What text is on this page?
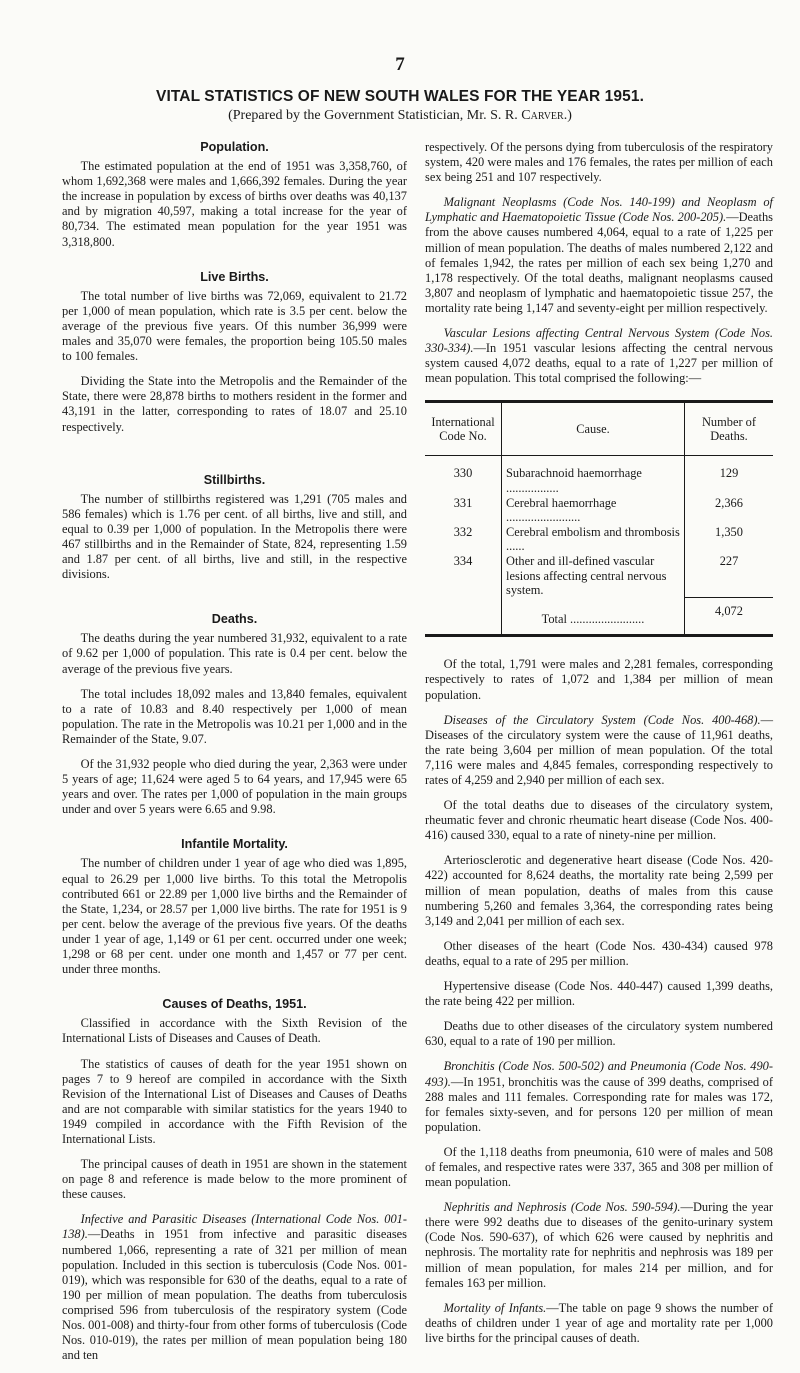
7
VITAL STATISTICS OF NEW SOUTH WALES FOR THE YEAR 1951.
(Prepared by the Government Statistician, Mr. S. R. Carver.)
Population.

The estimated population at the end of 1951 was 3,358,760, of whom 1,692,368 were males and 1,666,392 females. During the year the increase in population by excess of births over deaths was 40,137 and by migration 40,597, making a total increase for the year of 80,734. The estimated mean population for the year 1951 was 3,318,800.

Live Births.

The total number of live births was 72,069, equivalent to 21.72 per 1,000 of mean population, which rate is 3.5 per cent. below the average of the previous five years. Of this number 36,999 were males and 35,070 were females, the proportion being 105.50 males to 100 females.

Dividing the State into the Metropolis and the Remainder of the State, there were 28,878 births to mothers resident in the former and 43,191 in the latter, corresponding to rates of 18.07 and 25.10 respectively.

Stillbirths.

The number of stillbirths registered was 1,291 (705 males and 586 females) which is 1.76 per cent. of all births, live and still, and equal to 0.39 per 1,000 of population. In the Metropolis there were 467 stillbirths and in the Remainder of State, 824, representing 1.59 and 1.87 per cent. of all births, live and still, in the respective divisions.

Deaths.

The deaths during the year numbered 31,932, equivalent to a rate of 9.62 per 1,000 of population. This rate is 0.4 per cent. below the average of the previous five years.

The total includes 18,092 males and 13,840 females, equivalent to a rate of 10.83 and 8.40 respectively per 1,000 of mean population. The rate in the Metropolis was 10.21 per 1,000 and in the Remainder of the State, 9.07.

Of the 31,932 people who died during the year, 2,363 were under 5 years of age; 11,624 were aged 5 to 64 years, and 17,945 were 65 years and over. The rates per 1,000 of population in the main groups under and over 5 years were 6.65 and 9.98.

Infantile Mortality.

The number of children under 1 year of age who died was 1,895, equal to 26.29 per 1,000 live births. To this total the Metropolis contributed 661 or 22.89 per 1,000 live births and the Remainder of the State, 1,234, or 28.57 per 1,000 live births. The rate for 1951 is 9 per cent. below the average of the previous five years. Of the deaths under 1 year of age, 1,149 or 61 per cent. occurred under one week; 1,298 or 68 per cent. under one month and 1,457 or 77 per cent. under three months.

Causes of Deaths, 1951.

Classified in accordance with the Sixth Revision of the International Lists of Diseases and Causes of Death.

The statistics of causes of death for the year 1951 shown on pages 7 to 9 hereof are compiled in accordance with the Sixth Revision of the International List of Diseases and Causes of Deaths and are not comparable with similar statistics for the years 1940 to 1949 compiled in accordance with the Fifth Revision of the International Lists.

The principal causes of death in 1951 are shown in the statement on page 8 and reference is made below to the more prominent of these causes.

Infective and Parasitic Diseases (International Code Nos. 001-138).—Deaths in 1951 from infective and parasitic diseases numbered 1,066, representing a rate of 321 per million of mean population. Included in this section is tuberculosis (Code Nos. 001-019), which was responsible for 630 of the deaths, equal to a rate of 190 per million of mean population. The deaths from tuberculosis comprised 596 from tuberculosis of the respiratory system (Code Nos. 001-008) and thirty-four from other forms of tuberculosis (Code Nos. 010-019), the rates per million of mean population being 180 and ten

respectively. Of the persons dying from tuberculosis of the respiratory system, 420 were males and 176 females, the rates per million of each sex being 251 and 107 respectively.

Malignant Neoplasms (Code Nos. 140-199) and Neoplasm of Lymphatic and Haematopoietic Tissue (Code Nos. 200-205).—Deaths from the above causes numbered 4,064, equal to a rate of 1,225 per million of mean population. The deaths of males numbered 2,122 and of females 1,942, the rates per million of each sex being 1,270 and 1,178 respectively. Of the total deaths, malignant neoplasms caused 3,807 and neoplasm of lymphatic and haematopoietic tissue 257, the mortality rate being 1,147 and seventy-eight per million respectively.

Vascular Lesions affecting Central Nervous System (Code Nos. 330-334).—In 1951 vascular lesions affecting the central nervous system caused 4,072 deaths, equal to a rate of 1,227 per million of mean population. This total comprised the following:—

International Code No.	Cause.	Number of Deaths.
330	Subarachnoid haemorrhage .................	129
331	Cerebral haemorrhage ........................	2,366
332	Cerebral embolism and thrombosis ......	1,350
334	Other and ill-defined vascular lesions affecting central nervous system.	227
	Total ........................	4,072

Of the total, 1,791 were males and 2,281 females, corresponding respectively to rates of 1,072 and 1,384 per million of mean population.

Diseases of the Circulatory System (Code Nos. 400-468).—Diseases of the circulatory system were the cause of 11,961 deaths, the rate being 3,604 per million of mean population. Of the total 7,116 were males and 4,845 females, corresponding respectively to rates of 4,259 and 2,940 per million of each sex.

Of the total deaths due to diseases of the circulatory system, rheumatic fever and chronic rheumatic heart disease (Code Nos. 400-416) caused 330, equal to a rate of ninety-nine per million.

Arteriosclerotic and degenerative heart disease (Code Nos. 420-422) accounted for 8,624 deaths, the mortality rate being 2,599 per million of mean population, deaths of males from this cause numbering 5,260 and females 3,364, the corresponding rates being 3,149 and 2,041 per million of each sex.

Other diseases of the heart (Code Nos. 430-434) caused 978 deaths, equal to a rate of 295 per million.

Hypertensive disease (Code Nos. 440-447) caused 1,399 deaths, the rate being 422 per million.

Deaths due to other diseases of the circulatory system numbered 630, equal to a rate of 190 per million.

Bronchitis (Code Nos. 500-502) and Pneumonia (Code Nos. 490-493).—In 1951, bronchitis was the cause of 399 deaths, comprised of 288 males and 111 females. Corresponding rate for males was 172, for females sixty-seven, and for persons 120 per million of mean population.

Of the 1,118 deaths from pneumonia, 610 were of males and 508 of females, and respective rates were 337, 365 and 308 per million of mean population.

Nephritis and Nephrosis (Code Nos. 590-594).—During the year there were 992 deaths due to diseases of the genito-urinary system (Code Nos. 590-637), of which 626 were caused by nephritis and nephrosis. The mortality rate for nephritis and nephrosis was 189 per million of mean population, for males 214 per million, and for females 163 per million.

Mortality of Infants.—The table on page 9 shows the number of deaths of children under 1 year of age and mortality rate per 1,000 live births for the principal causes of death.
